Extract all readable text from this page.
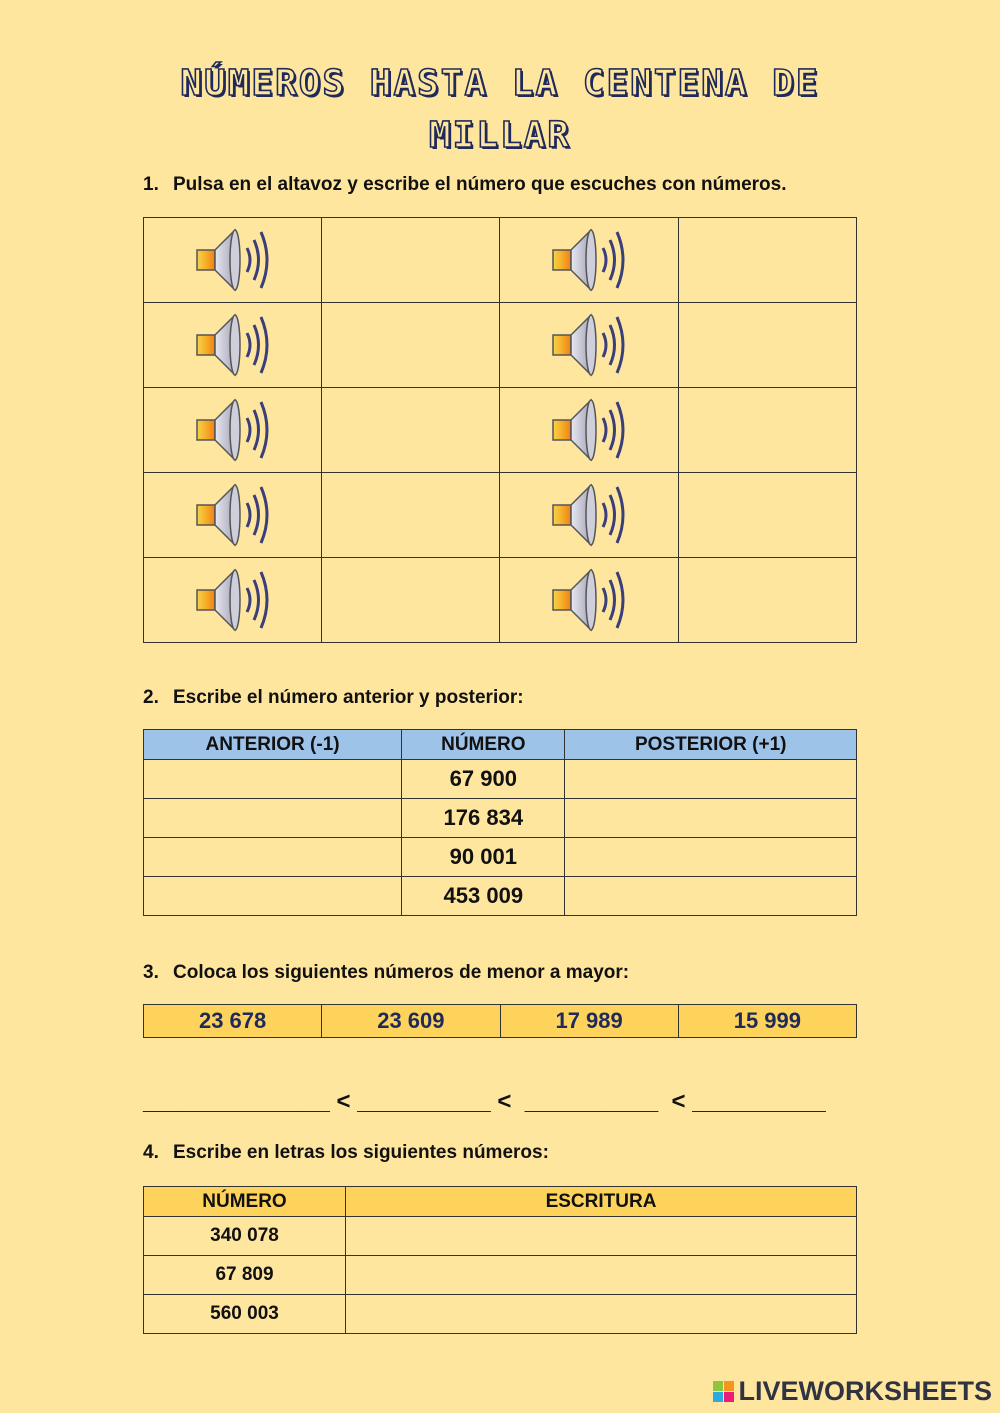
NÚMEROS HASTA LA CENTENA DE MILLAR
1. Pulsa en el altavoz y escribe el número que escuches con números.

2. Escribe el número anterior y posterior:
ANTERIOR (-1)	NÚMERO	POSTERIOR (+1)
	67 900	
	176 834	
	90 001	
	453 009	
3. Coloca los siguientes números de menor a mayor:
23 678	23 609	17 989	15 999
______________ < __________ <  __________  < __________
4. Escribe en letras los siguientes números:
NÚMERO	ESCRITURA
340 078	
67 809	
560 003	
LIVEWORKSHEETS
